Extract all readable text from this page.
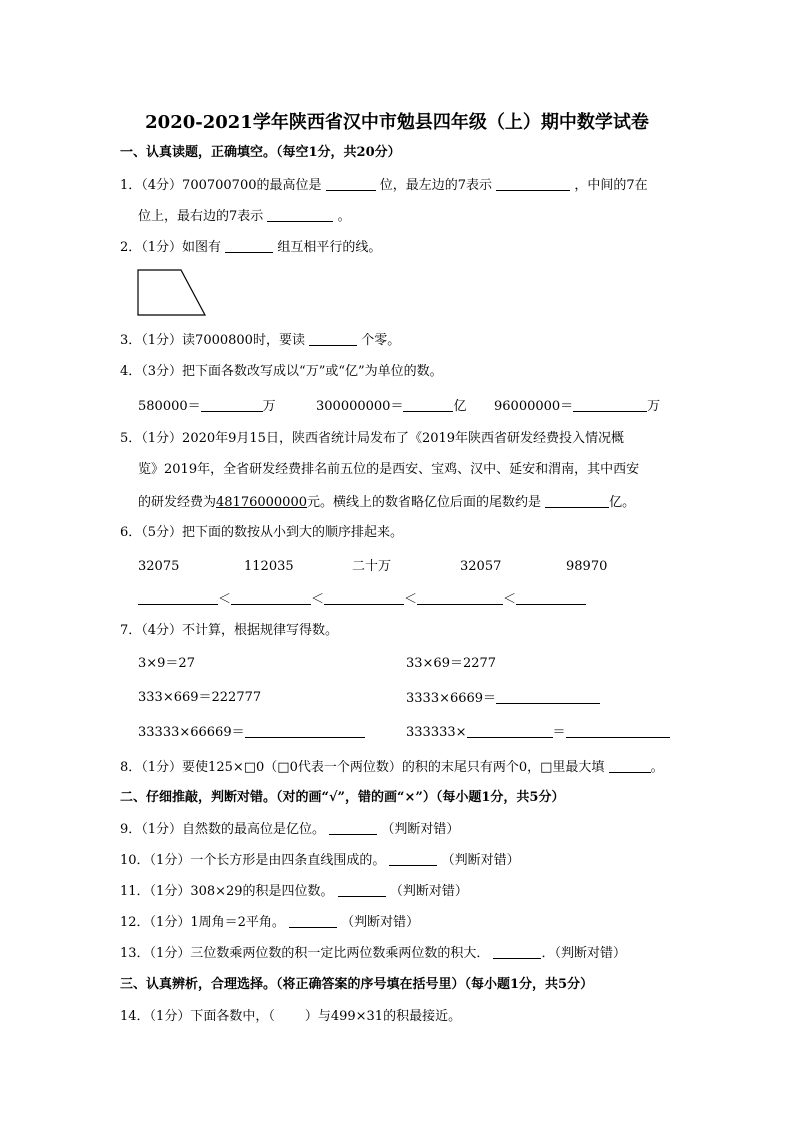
2020-2021学年陕西省汉中市勉县四年级（上）期中数学试卷
一、认真读题，正确填空。（每空1分，共20分）
1．（4分）700700700的最高位是	位，最左边的7表示	，中间的7在
位上，最右边的7表示	。
2．（1分）如图有	组互相平行的线。
3．（1分）读7000800时，要读	个零。
4．（3分）把下面各数改写成以“万”或“亿”为单位的数。
580000＝	万	300000000＝	亿 96000000＝	万
5．（1分）2020年9月15日，陕西省统计局发布了《2019年陕西省研发经费投入情况概
览》2019年，全省研发经费排名前五位的是西安、宝鸡、汉中、延安和渭南，其中西安
的研发经费为48176000000元。横线上的数省略亿位后面的尾数约是	亿。
6．（5分）把下面的数按从小到大的顺序排起来。
32075	112035	二十万	32057	98970
＜	＜	＜	＜
7．（4分）不计算，根据规律写得数。
3×9＝27	33×69＝2277
333×669＝222777	3333×6669＝
33333×66669＝	333333×	＝
8．（1分）要使125×□0（□0代表一个两位数）的积的末尾只有两个0，□里最大填	。
二、仔细推敲，判断对错。（对的画“√”，错的画“×”）（每小题1分，共5分）
9．（1分）自然数的最高位是亿位。	（判断对错）
10．（1分）一个长方形是由四条直线围成的。	（判断对错）
11．（1分）308×29的积是四位数。	（判断对错）
12．（1分）1周角＝2平角。	（判断对错）
13．（1分）三位数乘两位数的积一定比两位数乘两位数的积大．	．（判断对错）
三、认真辨析，合理选择。（将正确答案的序号填在括号里）（每小题1分，共5分）
14．（1分）下面各数中，（ ）与499×31的积最接近。
